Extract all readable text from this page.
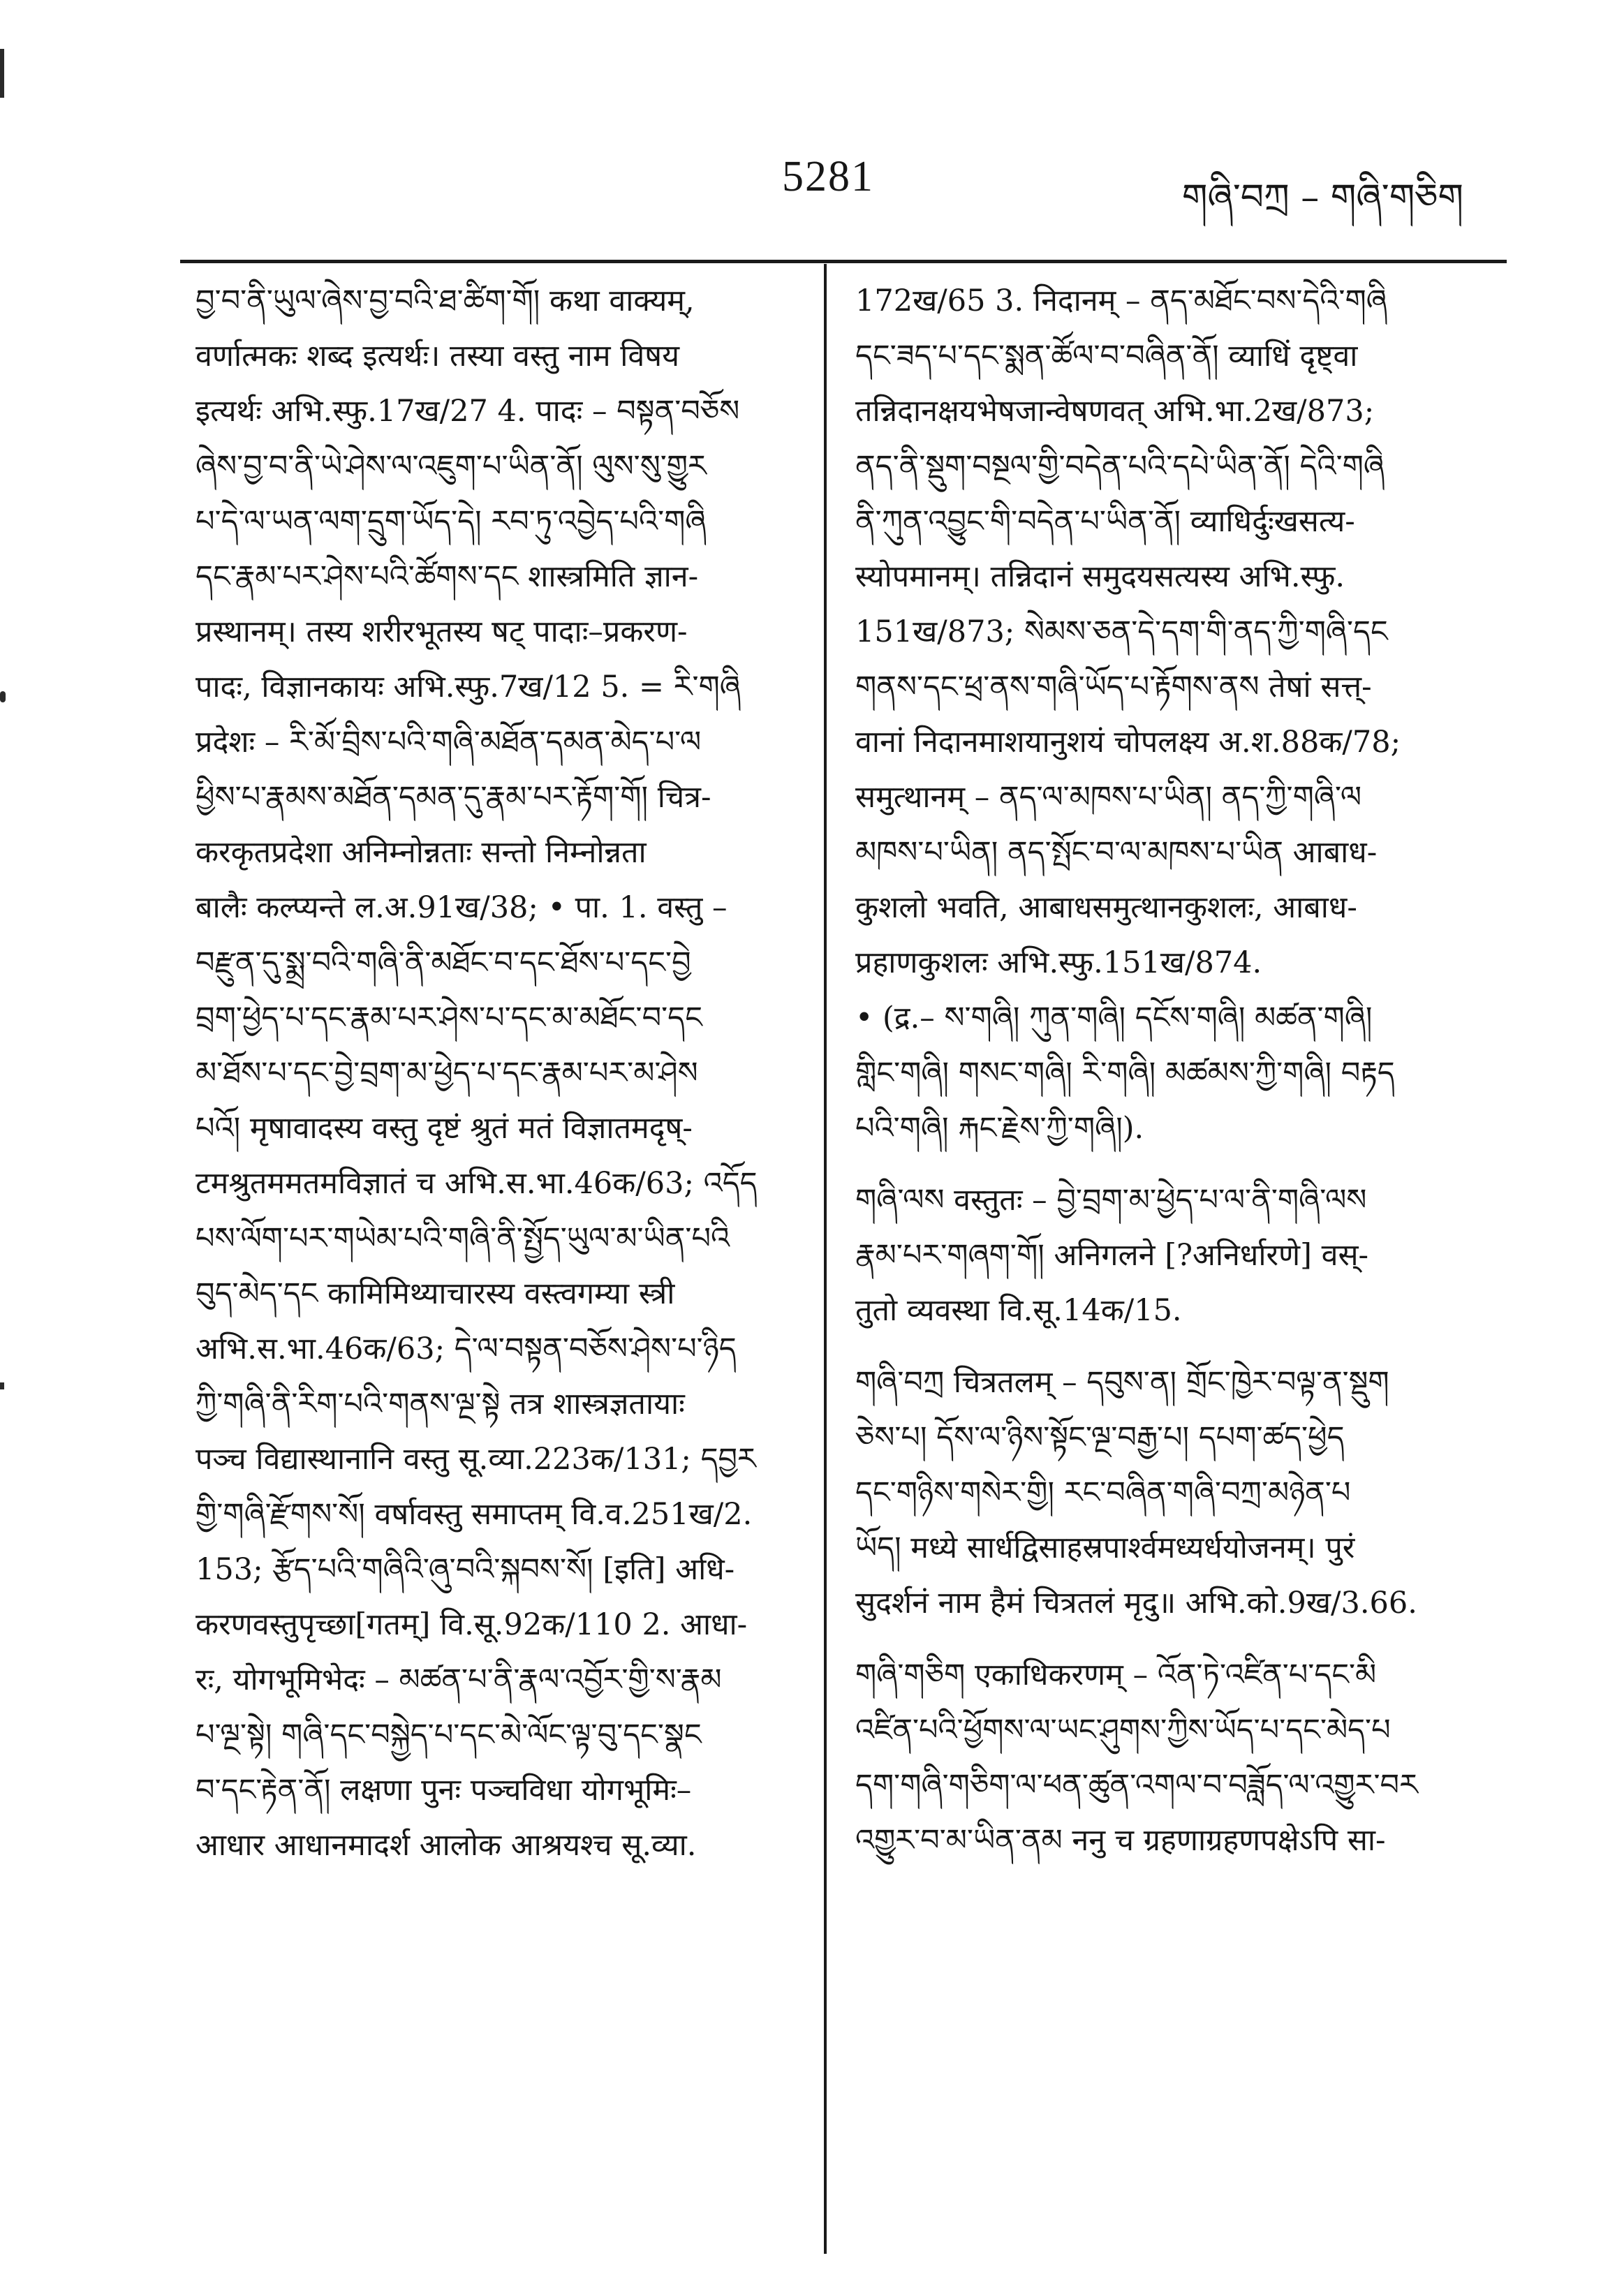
5281	གཞི་བཀྲ – གཞི་གཅིག

བྱ་བ་ནི་ཡུལ་ཞེས་བྱ་བའི་ཐ་ཚིག་གོ། कथा वाक्यम्,
वर्णात्मकः शब्द इत्यर्थः। तस्या वस्तु नाम विषय
इत्यर्थः अभि.स्फु.17ख/27 4. पादः – བསྟན་བཅོས
ཞེས་བྱ་བ་ནི་ཡེ་ཤེས་ལ་འཇུག་པ་ཡིན་ནོ། ལུས་སུ་གྱུར
པ་དེ་ལ་ཡན་ལག་དྲུག་ཡོད་དེ། རབ་ཏུ་འབྱེད་པའི་གཞི
དང་རྣམ་པར་ཤེས་པའི་ཚོགས་དང शास्त्रमिति ज्ञान-
प्रस्थानम्। तस्य शरीरभूतस्य षट् पादाः–प्रकरण-
पादः, विज्ञानकायः अभि.स्फु.7ख/12 5. = རི་གཞི
प्रदेशः – རི་མོ་བྲིས་པའི་གཞི་མཐོན་དམན་མེད་པ་ལ
ཕྱིས་པ་རྣམས་མཐོན་དམན་དུ་རྣམ་པར་རྟོག་གོ། चित्र-
करकृतप्रदेशा अनिम्नोन्नताः सन्तो निम्नोन्नता
बालैः कल्प्यन्ते ल.अ.91ख/38; • पा. 1. वस्तु –
བརྫུན་དུ་སྨྲ་བའི་གཞི་ནི་མཐོང་བ་དང་ཐོས་པ་དང་བྱེ
བྲག་ཕྱེད་པ་དང་རྣམ་པར་ཤེས་པ་དང་མ་མཐོང་བ་དང
མ་ཐོས་པ་དང་བྱེ་བྲག་མ་ཕྱེད་པ་དང་རྣམ་པར་མ་ཤེས
པའོ། मृषावादस्य वस्तु दृष्टं श्रुतं मतं विज्ञातमदृष्-
टमश्रुतममतमविज्ञातं च अभि.स.भा.46क/63; འདོད
པས་ལོག་པར་གཡེམ་པའི་གཞི་ནི་སྤྱོད་ཡུལ་མ་ཡིན་པའི
བུད་མེད་དང कामिमिथ्याचारस्य वस्त्वगम्या स्त्री
अभि.स.भा.46क/63; དེ་ལ་བསྟན་བཅོས་ཤེས་པ་ཉིད
ཀྱི་གཞི་ནི་རིག་པའི་གནས་ལྔ་སྟེ तत्र शास्त्रज्ञतायाः
पञ्च विद्यास्थानानि वस्तु सू.व्या.223क/131; དབྱར
གྱི་གཞི་རྫོགས་སོ། वर्षावस्तु समाप्तम् वि.व.251ख/2.
153; རྩོད་པའི་གཞིའི་ཞུ་བའི་སྐབས་སོ། [इति] अधि-
करणवस्तुपृच्छा[गतम्] वि.सू.92क/110 2. आधा-
रः, योगभूमिभेदः – མཚན་པ་ནི་རྣལ་འབྱོར་གྱི་ས་རྣམ
པ་ལྔ་སྟེ། གཞི་དང་བསྐྱེད་པ་དང་མེ་ལོང་ལྟ་བུ་དང་སྣང
བ་དང་རྟེན་ནོ། लक्षणा पुनः पञ्चविधा योगभूमिः–
आधार आधानमादर्श आलोक आश्रयश्च सू.व्या.

172ख/65 3. निदानम् – ནད་མཐོང་བས་དེའི་གཞི
དང་ཟད་པ་དང་སྨན་ཚོལ་བ་བཞིན་ནོ། व्याधिं दृष्ट्वा
तन्निदानक्षयभेषजान्वेषणवत् अभि.भा.2ख/873;
ནད་ནི་སྡུག་བསྔལ་གྱི་བདེན་པའི་དཔེ་ཡིན་ནོ། དེའི་གཞི
ནི་ཀུན་འབྱུང་གི་བདེན་པ་ཡིན་ནོ། व्याधिर्दुःखसत्य-
स्योपमानम्। तन्निदानं समुदयसत्यस्य अभि.स्फु.
151ख/873; སེམས་ཅན་དེ་དག་གི་ནད་ཀྱི་གཞི་དང
གནས་དང་ཕྲ་ནས་གཞི་ཡོད་པ་རྟོགས་ནས तेषां सत्त्-
वानां निदानमाशयानुशयं चोपलक्ष्य अ.श.88क/78;
समुत्थानम् – ནད་ལ་མཁས་པ་ཡིན། ནད་ཀྱི་གཞི་ལ
མཁས་པ་ཡིན། ནད་སྤོང་བ་ལ་མཁས་པ་ཡིན आबाध-
कुशलो भवति, आबाधसमुत्थानकुशलः, आबाध-
प्रहाणकुशलः अभि.स्फु.151ख/874.

• (द्र.– ས་གཞི། ཀུན་གཞི། དངོས་གཞི། མཚན་གཞི།
གླིང་གཞི། གསང་གཞི། རི་གཞི། མཚམས་ཀྱི་གཞི། བརྟད
པའི་གཞི། རྐང་རྗེས་ཀྱི་གཞི།).

གཞི་ལས वस्तुतः – བྱེ་བྲག་མ་ཕྱེད་པ་ལ་ནི་གཞི་ལས
རྣམ་པར་གཞག་གོ། अनिगलने [?अनिर्धारणे] वस्-
तुतो व्यवस्था वि.सू.14क/15.

གཞི་བཀྲ चित्रतलम् – དབུས་ན། གྲོང་ཁྱེར་བལྟ་ན་སྡུག
ཅེས་པ། དོས་ལ་ཉིས་སྟོང་ལྔ་བརྒྱ་པ། དཔག་ཚད་ཕྱེད
དང་གཉིས་གསེར་གྱི། རང་བཞིན་གཞི་བཀྲ་མཉེན་པ
ཡོད། मध्ये सार्धद्विसाहस्रपार्श्वमध्यर्धयोजनम्। पुरं
सुदर्शनं नाम हैमं चित्रतलं मृदु॥ अभि.को.9ख/3.66.

གཞི་གཅིག एकाधिकरणम् – འོན་ཏེ་འཛིན་པ་དང་མི
འཛིན་པའི་ཕྱོགས་ལ་ཡང་ཤུགས་ཀྱིས་ཡོད་པ་དང་མེད་པ
དག་གཞི་གཅིག་ལ་ཕན་ཚུན་འགལ་བ་བཟློད་ལ་འགྱུར་བར
འགྱུར་བ་མ་ཡིན་ནམ ननु च ग्रहणाग्रहणपक्षेऽपि सा-
